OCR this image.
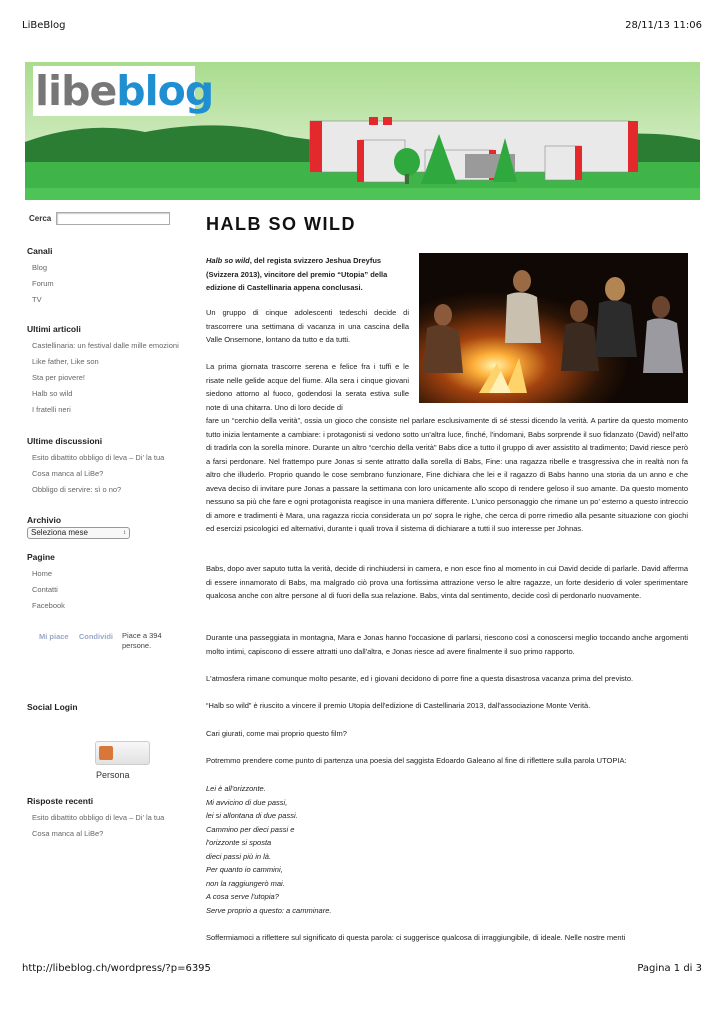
LiBeBlog	28/11/13 11:06
libeblog
Cerca
Canali
Blog
Forum
TV
Ultimi articoli
Castellinaria: un festival dalle mille emozioni
Like father, Like son
Sta per piovere!
Halb so wild
I fratelli neri
Ultime discussioni
Esito dibattito obbligo di leva – Di' la tua
Cosa manca al LiBe?
Obbligo di servire: sì o no?
Archivio
Seleziona mese	↕
Pagine
Home
Contatti
Facebook
Mi piace Condividi Piace a 394 persone.
Social Login
Persona
Risposte recenti
Esito dibattito obbligo di leva – Di' la tua
Cosa manca al LiBe?
HALB SO WILD
Halb so wild, del regista svizzero Jeshua Dreyfus (Svizzera 2013), vincitore del premio “Utopia” della edizione di Castellinaria appena conclusasi.
Un gruppo di cinque adolescenti tedeschi decide di trascorrere una settimana di vacanza in una cascina della Valle Onsernone, lontano da tutto e da tutti.
La prima giornata trascorre serena e felice fra i tuffi e le risate nelle gelide acque del fiume. Alla sera i cinque giovani siedono attorno al fuoco, godendosi la serata estiva sulle note di una chitarra. Uno di loro decide di
fare un “cerchio della verità”, ossia un gioco che consiste nel parlare esclusivamente di sé stessi dicendo la verità. A partire da questo momento tutto inizia lentamente a cambiare: i protagonisti si vedono sotto un'altra luce, finché, l'indomani, Babs sorprende il suo fidanzato (David) nell'atto di tradirla con la sorella minore. Durante un altro “cerchio della verità” Babs dice a tutto il gruppo di aver assistito al tradimento; David riesce però a farsi perdonare. Nel frattempo pure Jonas si sente attratto dalla sorella di Babs, Fine: una ragazza ribelle e trasgressiva che in realtà non fa altro che illuderlo. Proprio quando le cose sembrano funzionare, Fine dichiara che lei e il ragazzo di Babs hanno una storia da un anno e che aveva deciso di invitare pure Jonas a passare la settimana con loro unicamente allo scopo di rendere geloso il suo amante. Da questo momento nessuno sa più che fare e ogni protagonista reagisce in una maniera differente. L'unico personaggio che rimane un po' esterno a questo intreccio di amore e tradimenti è Mara, una ragazza riccia considerata un po' sopra le righe, che cerca di porre rimedio alla pesante situazione con giochi ed esercizi psicologici ed alternativi, durante i quali trova il sistema di dichiarare a tutti il suo interesse per Johnas.
Babs, dopo aver saputo tutta la verità, decide di rinchiudersi in camera, e non esce fino al momento in cui David decide di parlarle. David afferma di essere innamorato di Babs, ma malgrado ciò prova una fortissima attrazione verso le altre ragazze, un forte desiderio di voler sperimentare qualcosa anche con altre persone al di fuori della sua relazione. Babs, vinta dal sentimento, decide così di perdonarlo nuovamente.
Durante una passeggiata in montagna, Mara e Jonas hanno l'occasione di parlarsi, riescono così a conoscersi meglio toccando anche argomenti molto intimi, capiscono di essere attratti uno dall'altra, e Jonas riesce ad avere finalmente il suo primo rapporto.
L'atmosfera rimane comunque molto pesante, ed i giovani decidono di porre fine a questa disastrosa vacanza prima del previsto.
“Halb so wild” è riuscito a vincere il premio Utopia dell'edizione di Castellinaria 2013, dall'associazione Monte Verità.
Cari giurati, come mai proprio questo film?
Potremmo prendere come punto di partenza una poesia del saggista Edoardo Galeano al fine di riflettere sulla parola UTOPIA:
Lei è all'orizzonte.
Mi avvicino di due passi,
lei si allontana di due passi.
Cammino per dieci passi e
l'orizzonte si sposta
dieci passi più in là.
Per quanto io cammini,
non la raggiungerò mai.
A cosa serve l'utopia?
Serve proprio a questo: a camminare.
Soffermiamoci a riflettere sul significato di questa parola: ci suggerisce qualcosa di irraggiungibile, di ideale. Nelle nostre menti
http://libeblog.ch/wordpress/?p=6395	Pagina 1 di 3
